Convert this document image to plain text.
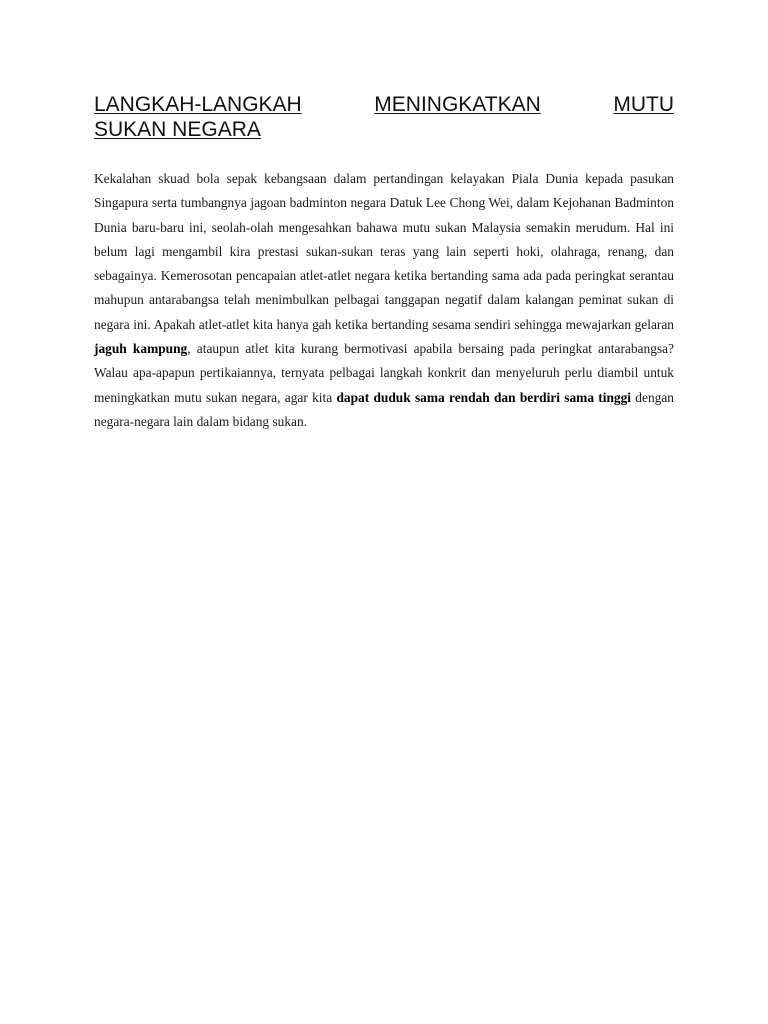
LANGKAH-LANGKAH	MENINGKATKAN	MUTU
SUKAN NEGARA

Kekalahan skuad bola sepak kebangsaan dalam pertandingan kelayakan Piala Dunia kepada pasukan Singapura serta tumbangnya jagoan badminton negara Datuk Lee Chong Wei, dalam Kejohanan Badminton Dunia baru-baru ini, seolah-olah mengesahkan bahawa mutu sukan Malaysia semakin merudum. Hal ini belum lagi mengambil kira prestasi sukan-sukan teras yang lain seperti hoki, olahraga, renang, dan sebagainya. Kemerosotan pencapaian atlet-atlet negara ketika bertanding sama ada pada peringkat serantau mahupun antarabangsa telah menimbulkan pelbagai tanggapan negatif dalam kalangan peminat sukan di negara ini. Apakah atlet-atlet kita hanya gah ketika bertanding sesama sendiri sehingga mewajarkan gelaran jaguh kampung, ataupun atlet kita kurang bermotivasi apabila bersaing pada peringkat antarabangsa? Walau apa-apapun pertikaiannya, ternyata pelbagai langkah konkrit dan menyeluruh perlu diambil untuk meningkatkan mutu sukan negara, agar kita dapat duduk sama rendah dan berdiri sama tinggi dengan negara-negara lain dalam bidang sukan.
